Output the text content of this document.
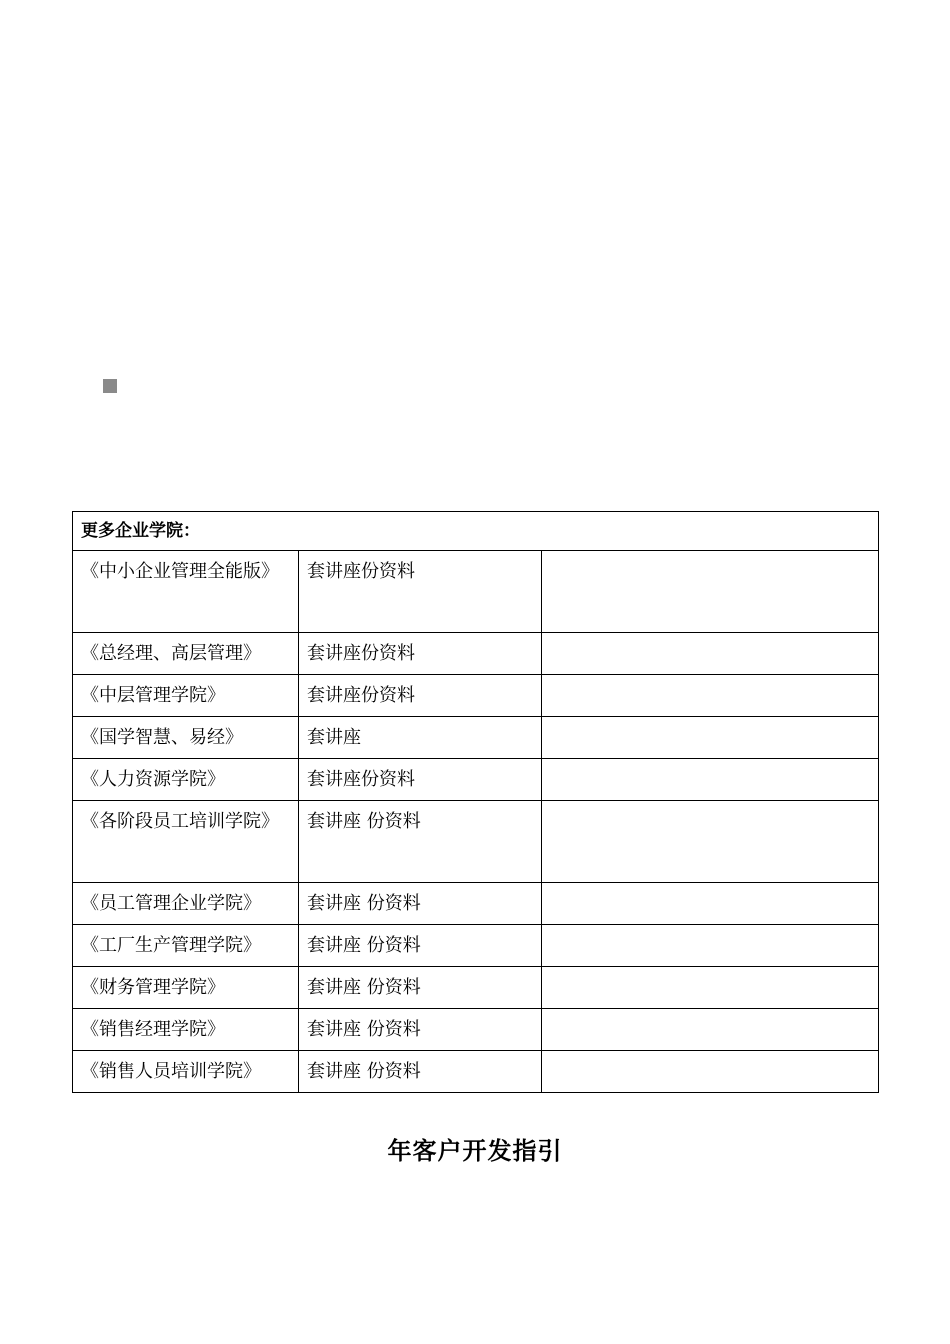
更多企业学院：		
《中小企业管理全能版》	套讲座份资料	
《总经理、高层管理》	套讲座份资料	
《中层管理学院》	套讲座份资料	
《国学智慧、易经》	套讲座	
《人力资源学院》	套讲座份资料	
《各阶段员工培训学院》	套讲座 份资料	
《员工管理企业学院》	套讲座 份资料	
《工厂生产管理学院》	套讲座 份资料	
《财务管理学院》	套讲座 份资料	
《销售经理学院》	套讲座 份资料	
《销售人员培训学院》	套讲座 份资料	
年客户开发指引
